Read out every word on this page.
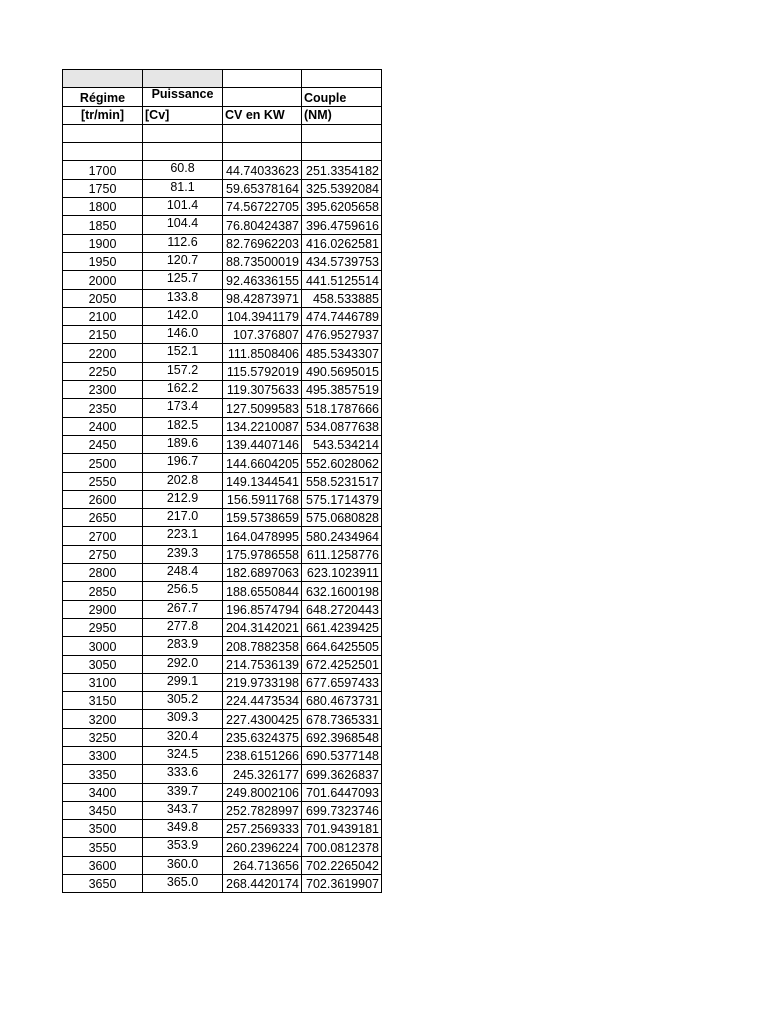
Régime	Puissance		Couple
[tr/min]	[Cv]	CV en KW	(NM)

1700	60.8	44.74033623	251.3354182
1750	81.1	59.65378164	325.5392084
1800	101.4	74.56722705	395.6205658
1850	104.4	76.80424387	396.4759616
1900	112.6	82.76962203	416.0262581
1950	120.7	88.73500019	434.5739753
2000	125.7	92.46336155	441.5125514
2050	133.8	98.42873971	458.533885
2100	142.0	104.3941179	474.7446789
2150	146.0	107.376807	476.9527937
2200	152.1	111.8508406	485.5343307
2250	157.2	115.5792019	490.5695015
2300	162.2	119.3075633	495.3857519
2350	173.4	127.5099583	518.1787666
2400	182.5	134.2210087	534.0877638
2450	189.6	139.4407146	543.534214
2500	196.7	144.6604205	552.6028062
2550	202.8	149.1344541	558.5231517
2600	212.9	156.5911768	575.1714379
2650	217.0	159.5738659	575.0680828
2700	223.1	164.0478995	580.2434964
2750	239.3	175.9786558	611.1258776
2800	248.4	182.6897063	623.1023911
2850	256.5	188.6550844	632.1600198
2900	267.7	196.8574794	648.2720443
2950	277.8	204.3142021	661.4239425
3000	283.9	208.7882358	664.6425505
3050	292.0	214.7536139	672.4252501
3100	299.1	219.9733198	677.6597433
3150	305.2	224.4473534	680.4673731
3200	309.3	227.4300425	678.7365331
3250	320.4	235.6324375	692.3968548
3300	324.5	238.6151266	690.5377148
3350	333.6	245.326177	699.3626837
3400	339.7	249.8002106	701.6447093
3450	343.7	252.7828997	699.7323746
3500	349.8	257.2569333	701.9439181
3550	353.9	260.2396224	700.0812378
3600	360.0	264.713656	702.2265042
3650	365.0	268.4420174	702.3619907
